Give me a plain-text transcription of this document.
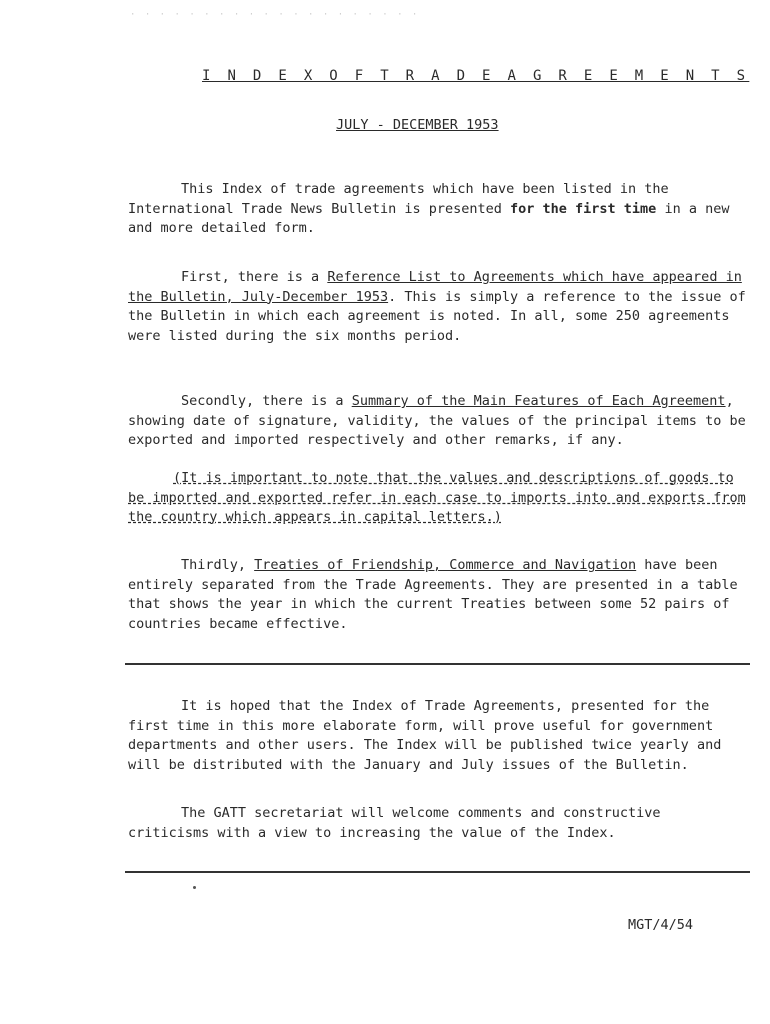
· · · · · · · · · · · · · · · · · · · ·
I N D E X O F T R A D E A G R E E M E N T S
JULY - DECEMBER 1953

This Index of trade agreements which have been listed in the International Trade News Bulletin is presented for the first time in a new and more detailed form.

First, there is a Reference List to Agreements which have appeared in the Bulletin, July-December 1953. This is simply a reference to the issue of the Bulletin in which each agreement is noted. In all, some 250 agreements were listed during the six months period.

Secondly, there is a Summary of the Main Features of Each Agreement, showing date of signature, validity, the values of the principal items to be exported and imported respectively and other remarks, if any.

(It is important to note that the values and descriptions of goods to be imported and exported refer in each case to imports into and exports from the country which appears in capital letters.)

Thirdly, Treaties of Friendship, Commerce and Navigation have been entirely separated from the Trade Agreements. They are presented in a table that shows the year in which the current Treaties between some 52 pairs of countries became effective.

It is hoped that the Index of Trade Agreements, presented for the first time in this more elaborate form, will prove useful for government departments and other users. The Index will be published twice yearly and will be distributed with the January and July issues of the Bulletin.

The GATT secretariat will welcome comments and constructive criticisms with a view to increasing the value of the Index.

MGT/4/54
